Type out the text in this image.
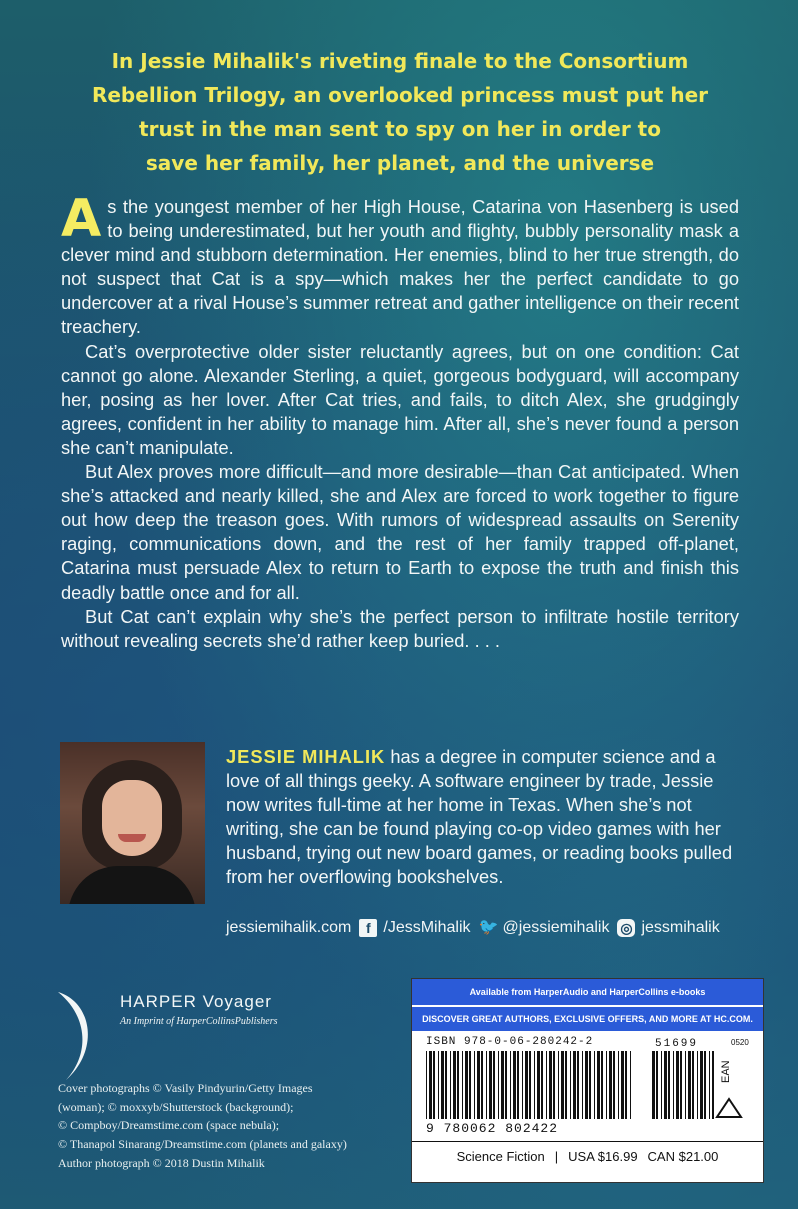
In Jessie Mihalik's riveting finale to the Consortium
Rebellion Trilogy, an overlooked princess must put her
trust in the man sent to spy on her in order to
save her family, her planet, and the universe

As the youngest member of her High House, Catarina von Hasenberg is used to being underestimated, but her youth and flighty, bubbly personality mask a clever mind and stubborn determination. Her enemies, blind to her true strength, do not suspect that Cat is a spy—which makes her the perfect candidate to go undercover at a rival House’s summer retreat and gather intelligence on their recent treachery.

Cat’s overprotective older sister reluctantly agrees, but on one condition: Cat cannot go alone. Alexander Sterling, a quiet, gorgeous bodyguard, will accompany her, posing as her lover. After Cat tries, and fails, to ditch Alex, she grudgingly agrees, confident in her ability to manage him. After all, she’s never found a person she can’t manipulate.

But Alex proves more difficult—and more desirable—than Cat anticipated. When she’s attacked and nearly killed, she and Alex are forced to work together to figure out how deep the treason goes. With rumors of widespread assaults on Serenity raging, communications down, and the rest of her family trapped off-planet, Catarina must persuade Alex to return to Earth to expose the truth and finish this deadly battle once and for all.

But Cat can’t explain why she’s the perfect person to infiltrate hostile territory without revealing secrets she’d rather keep buried. . . .

JESSIE MIHALIK has a degree in computer science and a love of all things geeky. A software engineer by trade, Jessie now writes full-time at her home in Texas. When she’s not writing, she can be found playing co-op video games with her husband, trying out new board games, or reading books pulled from her overflowing bookshelves.
jessiemihalik.com	f /JessMihalik 🐦 @jessiemihalik ◎ jessmihalik
HARPER Voyager
An Imprint of HarperCollinsPublishers
Cover photographs © Vasily Pindyurin/Getty Images
(woman); © moxxyb/Shutterstock (background);
© Compboy/Dreamstime.com (space nebula);
© Thanapol Sinarang/Dreamstime.com (planets and galaxy)
Author photograph © 2018 Dustin Mihalik
Available from HarperAudio and HarperCollins e-books
DISCOVER GREAT AUTHORS, EXCLUSIVE OFFERS, AND MORE AT HC.COM.
ISBN 978-0-06-280242-2	51699	0520
9 780062 802422
EAN
Science Fiction | USA $16.99 CAN $21.00
